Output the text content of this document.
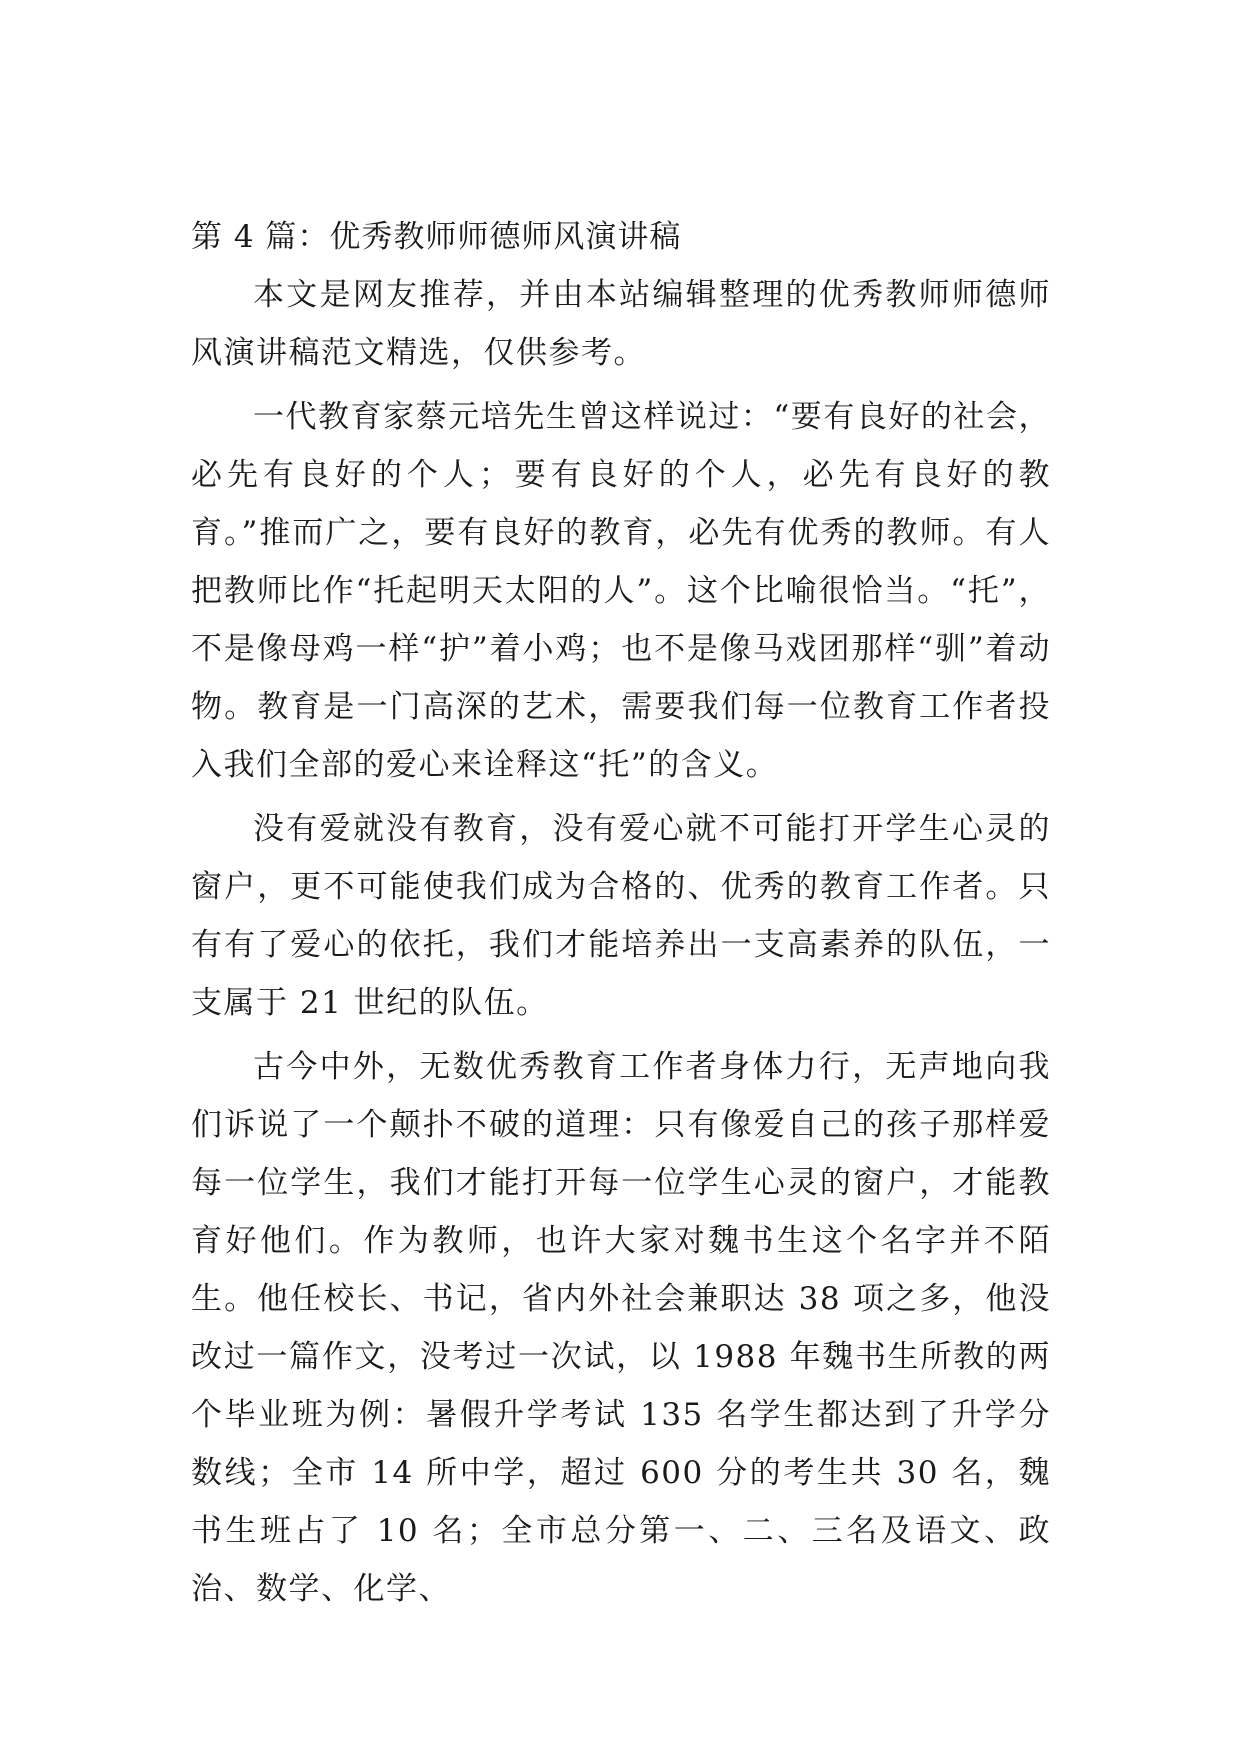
第 4 篇：优秀教师师德师风演讲稿

本文是网友推荐，并由本站编辑整理的优秀教师师德师风演讲稿范文精选，仅供参考。

一代教育家蔡元培先生曾这样说过：“要有良好的社会，必先有良好的个人；要有良好的个人，必先有良好的教育。”推而广之，要有良好的教育，必先有优秀的教师。有人把教师比作“托起明天太阳的人”。这个比喻很恰当。“托”，不是像母鸡一样“护”着小鸡；也不是像马戏团那样“驯”着动物。教育是一门高深的艺术，需要我们每一位教育工作者投入我们全部的爱心来诠释这“托”的含义。

没有爱就没有教育，没有爱心就不可能打开学生心灵的窗户，更不可能使我们成为合格的、优秀的教育工作者。只有有了爱心的依托，我们才能培养出一支高素养的队伍，一支属于 21 世纪的队伍。

古今中外，无数优秀教育工作者身体力行，无声地向我们诉说了一个颠扑不破的道理：只有像爱自己的孩子那样爱每一位学生，我们才能打开每一位学生心灵的窗户，才能教育好他们。作为教师，也许大家对魏书生这个名字并不陌生。他任校长、书记，省内外社会兼职达 38 项之多，他没改过一篇作文，没考过一次试，以 1988 年魏书生所教的两个毕业班为例：暑假升学考试 135 名学生都达到了升学分数线；全市 14 所中学，超过 600 分的考生共 30 名，魏书生班占了 10 名；全市总分第一、二、三名及语文、政治、数学、化学、
